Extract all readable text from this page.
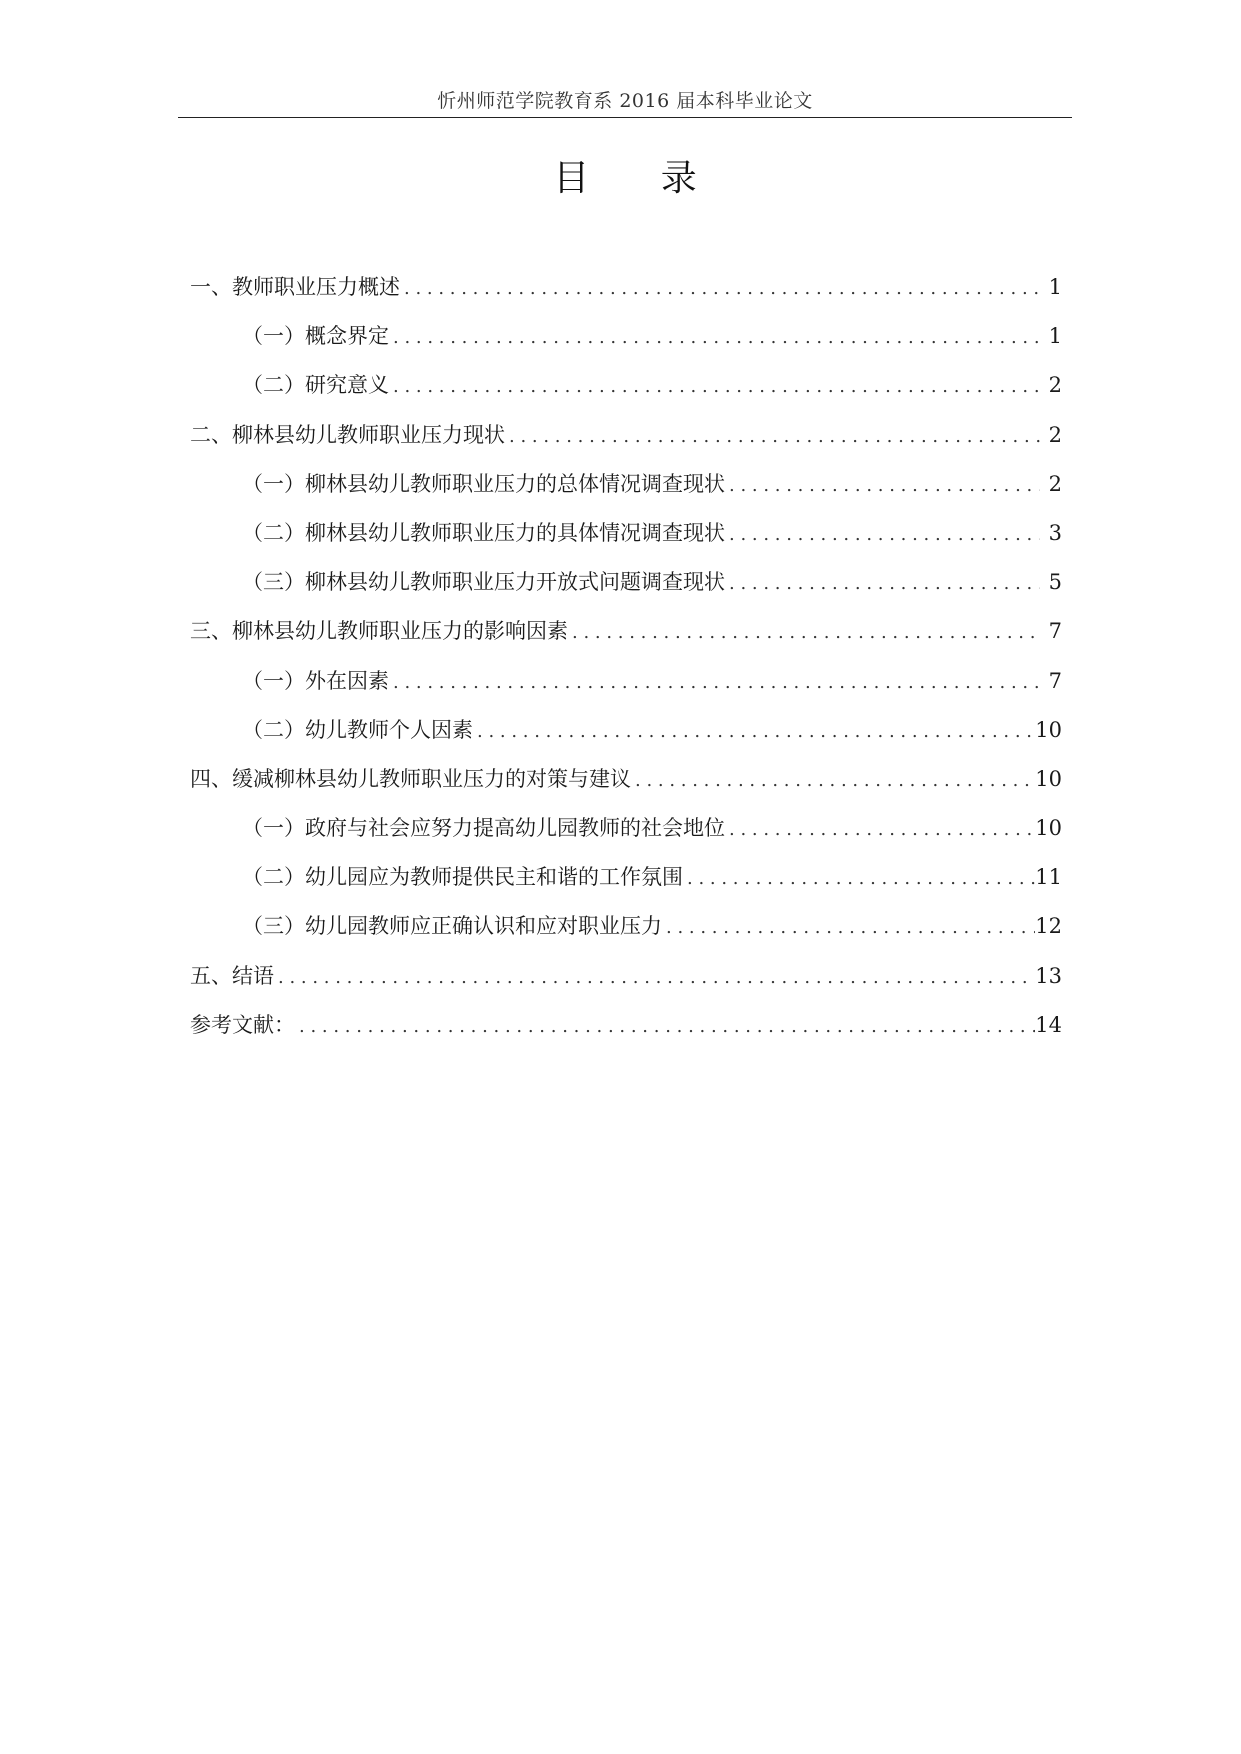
忻州师范学院教育系 2016 届本科毕业论文
目 录
一、教师职业压力概述 . . .	1
（一）概念界定 . . .	1
（二）研究意义 . . .	2
二、柳林县幼儿教师职业压力现状 . . .	2
（一）柳林县幼儿教师职业压力的总体情况调查现状 . . .	2
（二）柳林县幼儿教师职业压力的具体情况调查现状 . . .	3
（三）柳林县幼儿教师职业压力开放式问题调查现状 . . .	5
三、柳林县幼儿教师职业压力的影响因素 . . .	7
（一）外在因素 . . .	7
（二）幼儿教师个人因素 . . .	10
四、缓减柳林县幼儿教师职业压力的对策与建议 . . .	10
（一）政府与社会应努力提高幼儿园教师的社会地位 . . .	10
（二）幼儿园应为教师提供民主和谐的工作氛围 . . .	11
（三）幼儿园教师应正确认识和应对职业压力 . . .	12
五、结语 . . .	13
参考文献： . . .	14
